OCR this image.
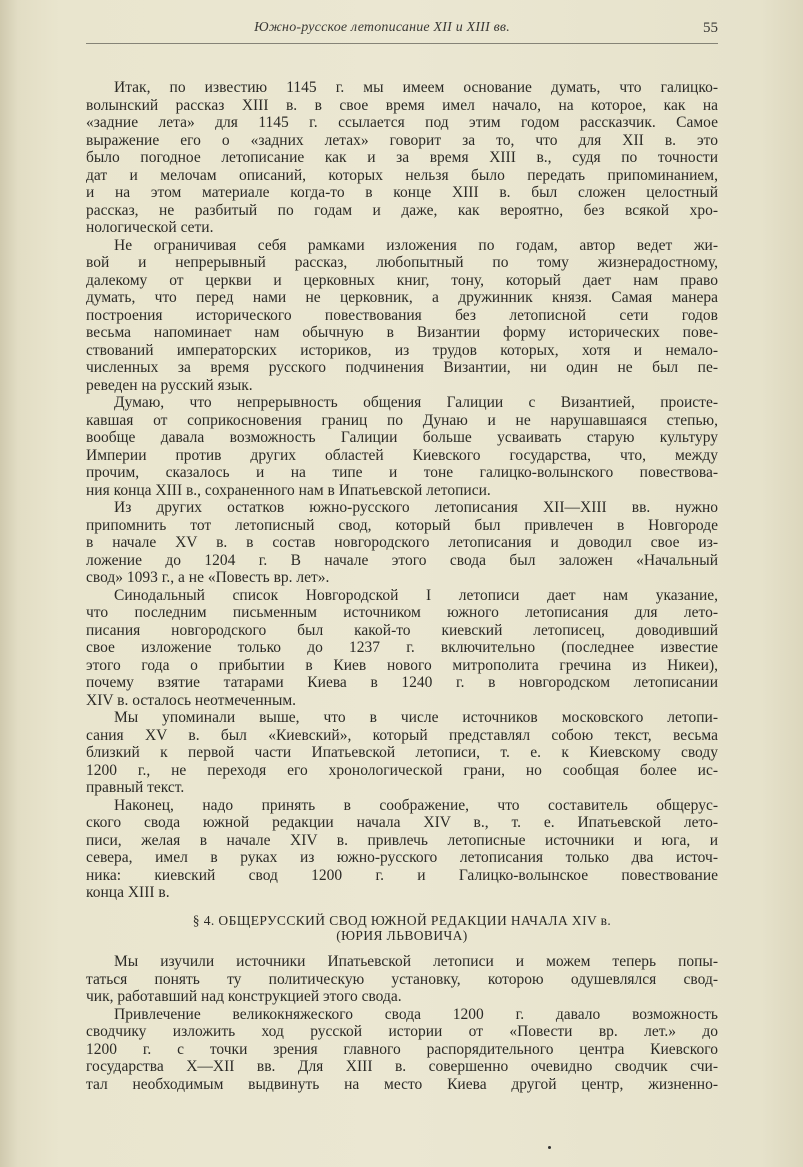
Южно-русское летописание XII и XIII вв.	55
Итак, по известию 1145 г. мы имеем основание думать, что галицко-
волынский рассказ XIII в. в свое время имел начало, на которое, как на
«задние лета» для 1145 г. ссылается под этим годом рассказчик. Самое
выражение его о «задних летах» говорит за то, что для XII в. это
было погодное летописание как и за время XIII в., судя по точности
дат и мелочам описаний, которых нельзя было передать припоминанием,
и на этом материале когда-то в конце XIII в. был сложен целостный
рассказ, не разбитый по годам и даже, как вероятно, без всякой хро-
нологической сети.
Не ограничивая себя рамками изложения по годам, автор ведет жи-
вой и непрерывный рассказ, любопытный по тому жизнерадостному,
далекому от церкви и церковных книг, тону, который дает нам право
думать, что перед нами не церковник, а дружинник князя. Самая манера
построения исторического повествования без летописной сети годов
весьма напоминает нам обычную в Византии форму исторических пове-
ствований императорских историков, из трудов которых, хотя и немало-
численных за время русского подчинения Византии, ни один не был пе-
реведен на русский язык.
Думаю, что непрерывность общения Галиции с Византией, происте-
кавшая от соприкосновения границ по Дунаю и не нарушавшаяся степью,
вообще давала возможность Галиции больше усваивать старую культуру
Империи против других областей Киевского государства, что, между
прочим, сказалось и на типе и тоне галицко-волынского повествова-
ния конца XIII в., сохраненного нам в Ипатьевской летописи.
Из других остатков южно-русского летописания XII—XIII вв. нужно
припомнить тот летописный свод, который был привлечен в Новгороде
в начале XV в. в состав новгородского летописания и доводил свое из-
ложение до 1204 г. В начале этого свода был заложен «Начальный
свод» 1093 г., а не «Повесть вр. лет».
Синодальный список Новгородской I летописи дает нам указание,
что последним письменным источником южного летописания для лето-
писания новгородского был какой-то киевский летописец, доводивший
свое изложение только до 1237 г. включительно (последнее известие
этого года о прибытии в Киев нового митрополита гречина из Никеи),
почему взятие татарами Киева в 1240 г. в новгородском летописании
XIV в. осталось неотмеченным.
Мы упоминали выше, что в числе источников московского летопи-
сания XV в. был «Киевский», который представлял собою текст, весьма
близкий к первой части Ипатьевской летописи, т. е. к Киевскому своду
1200 г., не переходя его хронологической грани, но сообщая более ис-
правный текст.
Наконец, надо принять в соображение, что составитель общерус-
ского свода южной редакции начала XIV в., т. е. Ипатьевской лето-
писи, желая в начале XIV в. привлечь летописные источники и юга, и
севера, имел в руках из южно-русского летописания только два источ-
ника: киевский свод 1200 г. и Галицко-волынское повествование
конца XIII в.
§ 4. ОБЩЕРУССКИЙ СВОД ЮЖНОЙ РЕДАКЦИИ НАЧАЛА XIV в.
(ЮРИЯ ЛЬВОВИЧА)
Мы изучили источники Ипатьевской летописи и можем теперь попы-
таться понять ту политическую установку, которою одушевлялся свод-
чик, работавший над конструкцией этого свода.
Привлечение великокняжеского свода 1200 г. давало возможность
сводчику изложить ход русской истории от «Повести вр. лет.» до
1200 г. с точки зрения главного распорядительного центра Киевского
государства X—XII вв. Для XIII в. совершенно очевидно сводчик счи-
тал необходимым выдвинуть на место Киева другой центр, жизненно-
